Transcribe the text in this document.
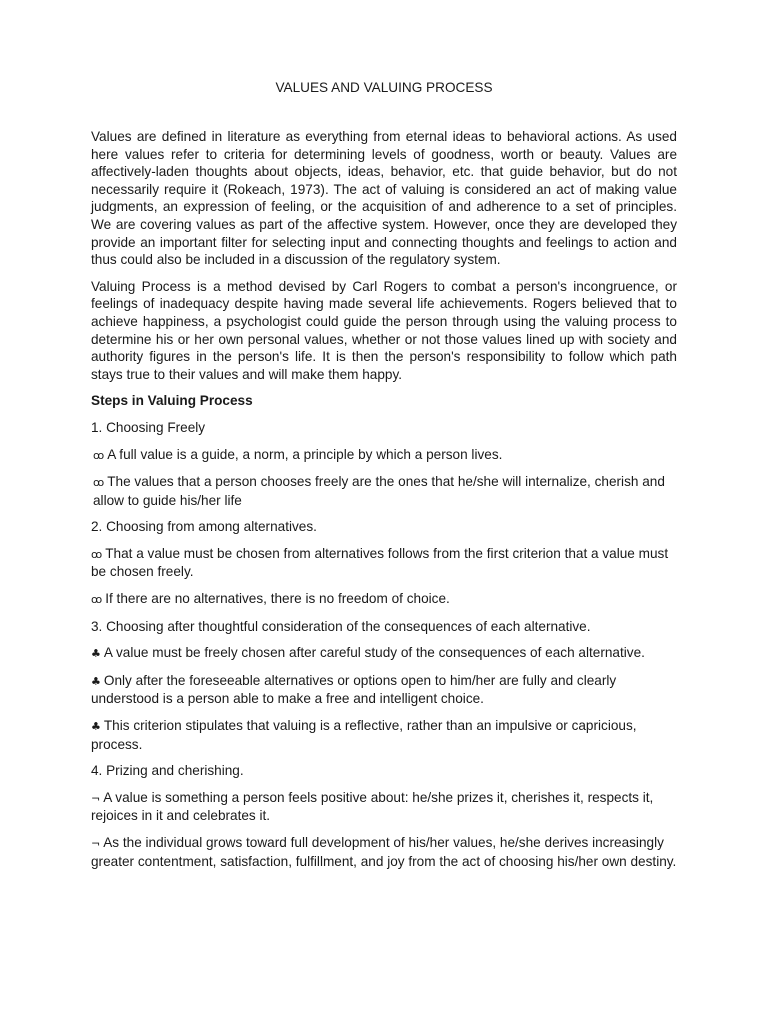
VALUES AND VALUING PROCESS

Values are defined in literature as everything from eternal ideas to behavioral actions. As used here values refer to criteria for determining levels of goodness, worth or beauty. Values are affectively-laden thoughts about objects, ideas, behavior, etc. that guide behavior, but do not necessarily require it (Rokeach, 1973). The act of valuing is considered an act of making value judgments, an expression of feeling, or the acquisition of and adherence to a set of principles. We are covering values as part of the affective system. However, once they are developed they provide an important filter for selecting input and connecting thoughts and feelings to action and thus could also be included in a discussion of the regulatory system.

Valuing Process is a method devised by Carl Rogers to combat a person's incongruence, or feelings of inadequacy despite having made several life achievements. Rogers believed that to achieve happiness, a psychologist could guide the person through using the valuing process to determine his or her own personal values, whether or not those values lined up with society and authority figures in the person's life. It is then the person's responsibility to follow which path stays true to their values and will make them happy.

Steps in Valuing Process

1. Choosing Freely

ꝏ A full value is a guide, a norm, a principle by which a person lives.

ꝏ The values that a person chooses freely are the ones that he/she will internalize, cherish and allow to guide his/her life

2. Choosing from among alternatives.

ꝏ That a value must be chosen from alternatives follows from the first criterion that a value must be chosen freely.

ꝏ If there are no alternatives, there is no freedom of choice.

3. Choosing after thoughtful consideration of the consequences of each alternative.

♣ A value must be freely chosen after careful study of the consequences of each alternative.

♣ Only after the foreseeable alternatives or options open to him/her are fully and clearly understood is a person able to make a free and intelligent choice.

♣ This criterion stipulates that valuing is a reflective, rather than an impulsive or capricious, process.

4. Prizing and cherishing.

¬ A value is something a person feels positive about: he/she prizes it, cherishes it, respects it, rejoices in it and celebrates it.

¬ As the individual grows toward full development of his/her values, he/she derives increasingly greater contentment, satisfaction, fulfillment, and joy from the act of choosing his/her own destiny.
